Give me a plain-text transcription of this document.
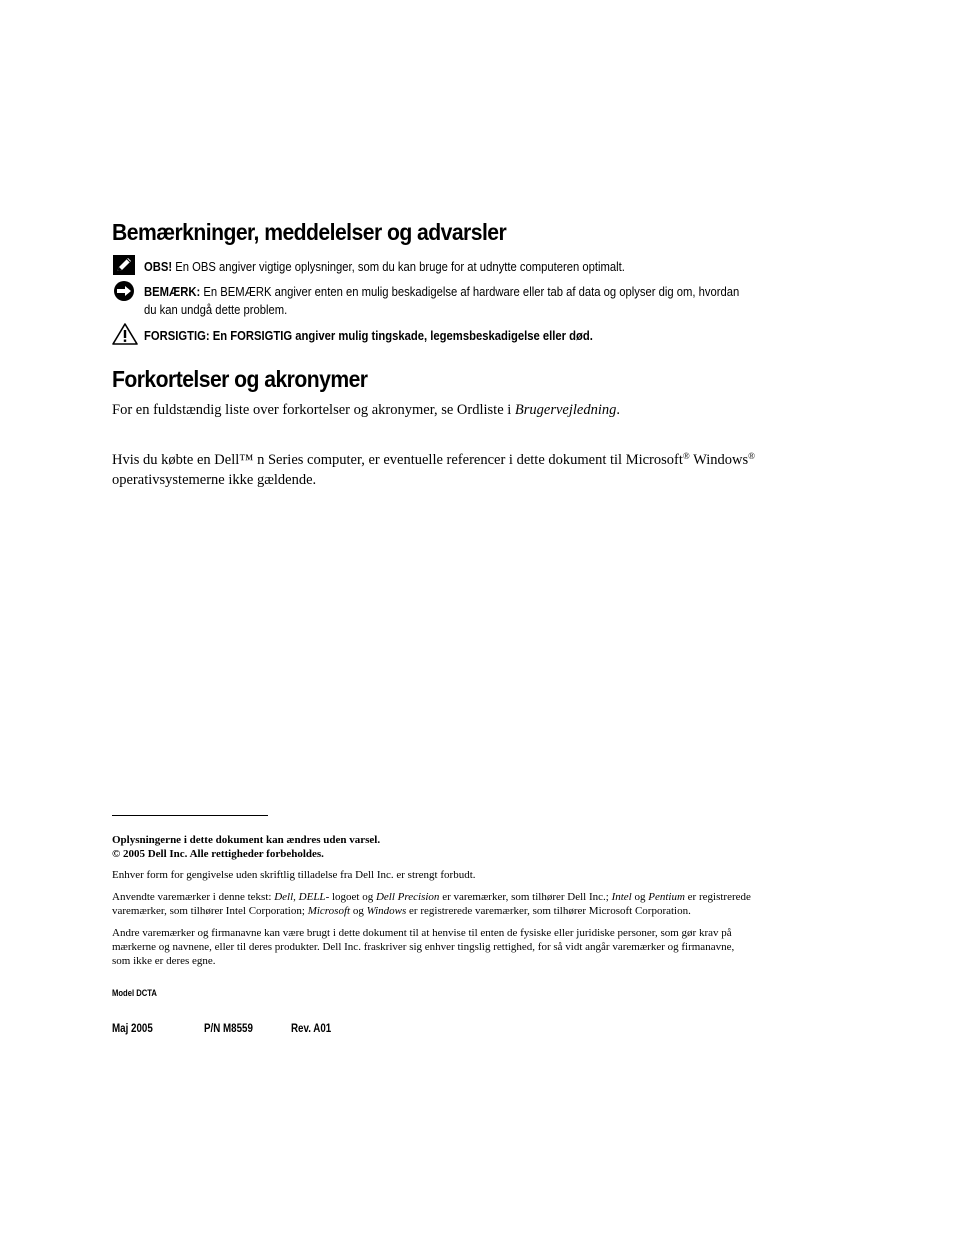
Bemærkninger, meddelelser og advarsler
OBS! En OBS angiver vigtige oplysninger, som du kan bruge for at udnytte computeren optimalt.
BEMÆRK: En BEMÆRK angiver enten en mulig beskadigelse af hardware eller tab af data og oplyser dig om, hvordan
du kan undgå dette problem.
FORSIGTIG: En FORSIGTIG angiver mulig tingskade, legemsbeskadigelse eller død.
Forkortelser og akronymer
For en fuldstændig liste over forkortelser og akronymer, se Ordliste i Brugervejledning.
Hvis du købte en Dell™ n Series computer, er eventuelle referencer i dette dokument til Microsoft® Windows®
operativsystemerne ikke gældende.
Oplysningerne i dette dokument kan ændres uden varsel.
© 2005 Dell Inc. Alle rettigheder forbeholdes.
Enhver form for gengivelse uden skriftlig tilladelse fra Dell Inc. er strengt forbudt.
Anvendte varemærker i denne tekst: Dell, DELL- logoet og Dell Precision er varemærker, som tilhører Dell Inc.; Intel og Pentium er registrerede
varemærker, som tilhører Intel Corporation; Microsoft og Windows er registrerede varemærker, som tilhører Microsoft Corporation.
Andre varemærker og firmanavne kan være brugt i dette dokument til at henvise til enten de fysiske eller juridiske personer, som gør krav på
mærkerne og navnene, eller til deres produkter. Dell Inc. fraskriver sig enhver tingslig rettighed, for så vidt angår varemærker og firmanavne,
som ikke er deres egne.
Model DCTA
Maj 2005	P/N M8559	Rev. A01
